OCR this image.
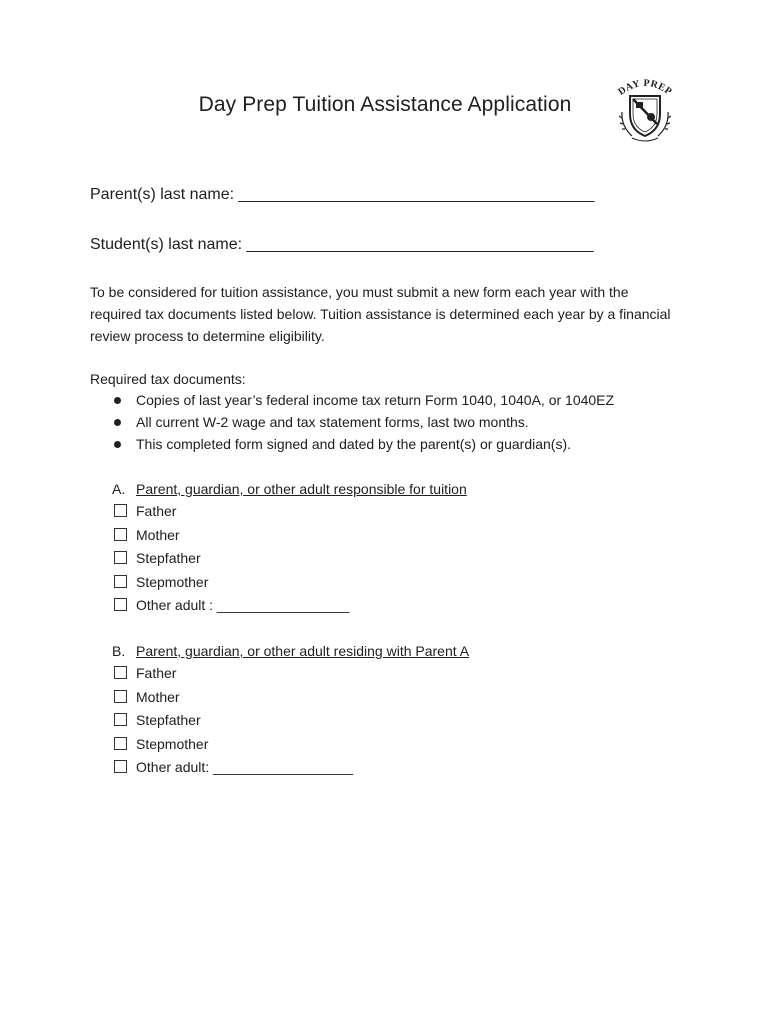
Day Prep Tuition Assistance Application
DAY PREP
Parent(s) last name: ________________________________________
Student(s) last name: _______________________________________
To be considered for tuition assistance, you must submit a new form each year with the required tax documents listed below. Tuition assistance is determined each year by a financial review process to determine eligibility.
Required tax documents:
Copies of last year’s federal income tax return Form 1040, 1040A, or 1040EZ
All current W-2 wage and tax statement forms, last two months.
This completed form signed and dated by the parent(s) or guardian(s).
A. Parent, guardian, or other adult responsible for tuition
Father
Mother
Stepfather
Stepmother
Other adult : _________________
B. Parent, guardian, or other adult residing with Parent A
Father
Mother
Stepfather
Stepmother
Other adult: __________________
